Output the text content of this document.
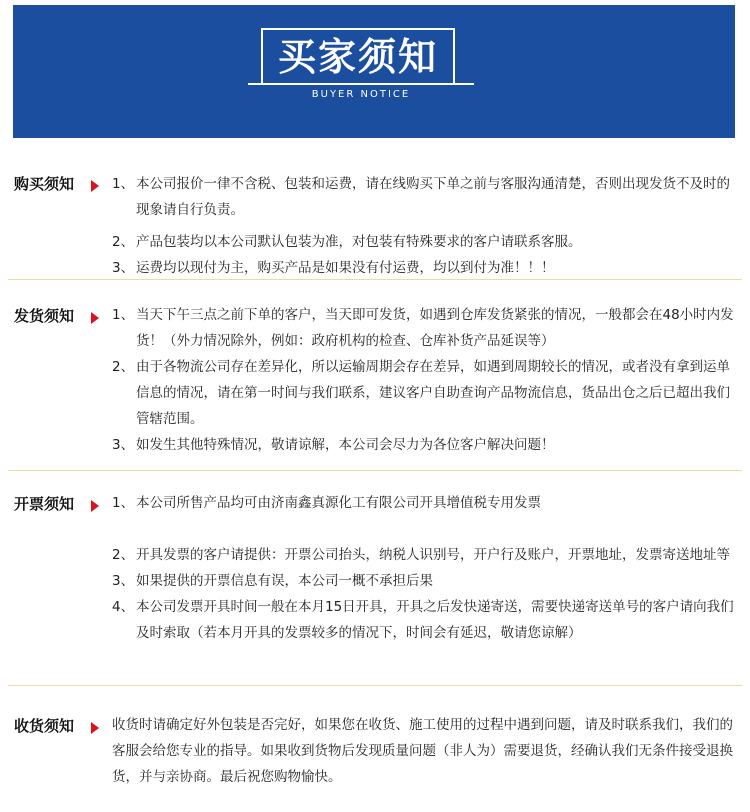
买家须知
BUYER NOTICE
购买须知	1、 本公司报价一律不含税、包装和运费，请在线购买下单之前与客服沟通清楚，否则出现发货不及时的现象请自行负责。
2、 产品包装均以本公司默认包装为准，对包装有特殊要求的客户请联系客服。
3、 运费均以现付为主，购买产品是如果没有付运费，均以到付为准！！！
发货须知	1、 当天下午三点之前下单的客户，当天即可发货，如遇到仓库发货紧张的情况，一般都会在48小时内发货！（外力情况除外，例如：政府机构的检查、仓库补货产品延误等）
2、 由于各物流公司存在差异化，所以运输周期会存在差异，如遇到周期较长的情况，或者没有拿到运单信息的情况，请在第一时间与我们联系，建议客户自助查询产品物流信息，货品出仓之后已超出我们管辖范围。
3、 如发生其他特殊情况，敬请谅解，本公司会尽力为各位客户解决问题！
开票须知	1、 本公司所售产品均可由济南鑫真源化工有限公司开具增值税专用发票
2、 开具发票的客户请提供：开票公司抬头，纳税人识别号，开户行及账户，开票地址，发票寄送地址等
3、 如果提供的开票信息有误，本公司一概不承担后果
4、 本公司发票开具时间一般在本月15日开具，开具之后发快递寄送，需要快递寄送单号的客户请向我们及时索取（若本月开具的发票较多的情况下，时间会有延迟，敬请您谅解）
收货须知	收货时请确定好外包装是否完好，如果您在收货、施工使用的过程中遇到问题，请及时联系我们，我们的客服会给您专业的指导。如果收到货物后发现质量问题（非人为）需要退货，经确认我们无条件接受退换货，并与亲协商。最后祝您购物愉快。
